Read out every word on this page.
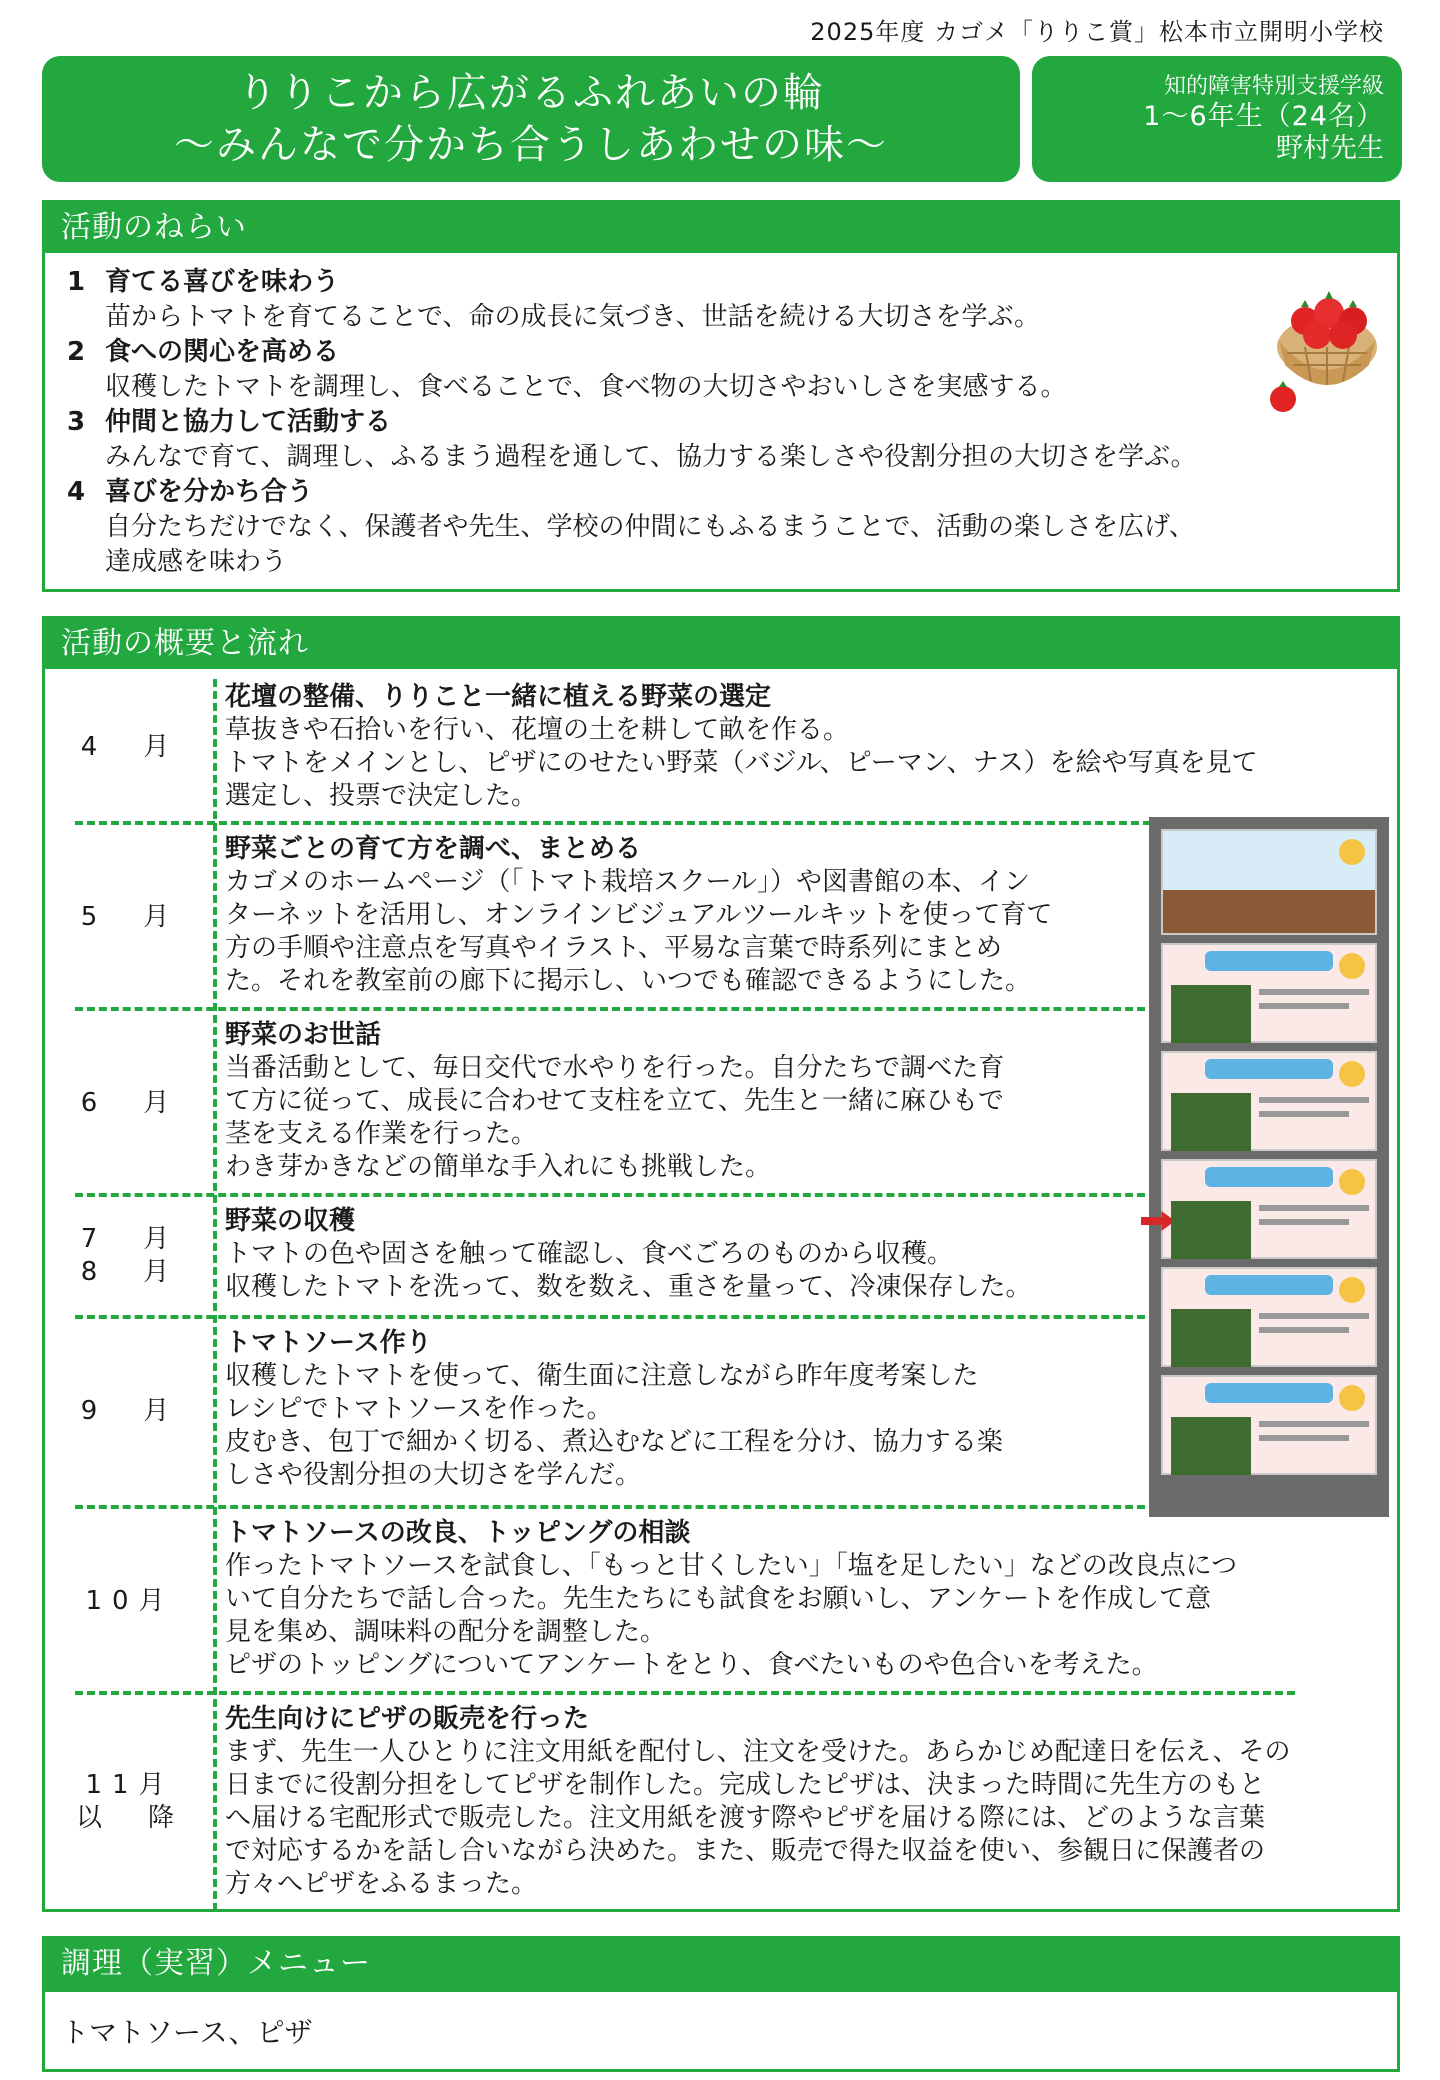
2025年度 カゴメ「りりこ賞」松本市立開明小学校
りりこから広がるふれあいの輪
～みんなで分かち合うしあわせの味～
知的障害特別支援学級
1～6年生（24名）
野村先生
活動のねらい
1 育てる喜びを味わう
苗からトマトを育てることで、命の成長に気づき、世話を続ける大切さを学ぶ。
2 食への関心を高める
収穫したトマトを調理し、食べることで、食べ物の大切さやおいしさを実感する。
3 仲間と協力して活動する
みんなで育て、調理し、ふるまう過程を通して、協力する楽しさや役割分担の大切さを学ぶ。
4 喜びを分かち合う
自分たちだけでなく、保護者や先生、学校の仲間にもふるまうことで、活動の楽しさを広げ、
達成感を味わう
活動の概要と流れ
4　月
花壇の整備、りりこと一緒に植える野菜の選定
草抜きや石拾いを行い、花壇の土を耕して畝を作る。
トマトをメインとし、ピザにのせたい野菜（バジル、ピーマン、ナス）を絵や写真を見て
選定し、投票で決定した。
5　月
野菜ごとの育て方を調べ、まとめる
カゴメのホームページ（「トマト栽培スクール」）や図書館の本、イン
ターネットを活用し、オンラインビジュアルツールキットを使って育て
方の手順や注意点を写真やイラスト、平易な言葉で時系列にまとめ
た。それを教室前の廊下に掲示し、いつでも確認できるようにした。
6　月
野菜のお世話
当番活動として、毎日交代で水やりを行った。自分たちで調べた育
て方に従って、成長に合わせて支柱を立て、先生と一緒に麻ひもで
茎を支える作業を行った。
わき芽かきなどの簡単な手入れにも挑戦した。
7　月
8　月
野菜の収穫
トマトの色や固さを触って確認し、食べごろのものから収穫。
収穫したトマトを洗って、数を数え、重さを量って、冷凍保存した。
9　月
トマトソース作り
収穫したトマトを使って、衛生面に注意しながら昨年度考案した
レシピでトマトソースを作った。
皮むき、包丁で細かく切る、煮込むなどに工程を分け、協力する楽
しさや役割分担の大切さを学んだ。
10月
トマトソースの改良、トッピングの相談
作ったトマトソースを試食し、「もっと甘くしたい」「塩を足したい」などの改良点につ
いて自分たちで話し合った。先生たちにも試食をお願いし、アンケートを作成して意
見を集め、調味料の配分を調整した。
ピザのトッピングについてアンケートをとり、食べたいものや色合いを考えた。
11月
以　降
先生向けにピザの販売を行った
まず、先生一人ひとりに注文用紙を配付し、注文を受けた。あらかじめ配達日を伝え、その
日までに役割分担をしてピザを制作した。完成したピザは、決まった時間に先生方のもと
へ届ける宅配形式で販売した。注文用紙を渡す際やピザを届ける際には、どのような言葉
で対応するかを話し合いながら決めた。また、販売で得た収益を使い、参観日に保護者の
方々へピザをふるまった。
調理（実習）メニュー
トマトソース、ピザ
